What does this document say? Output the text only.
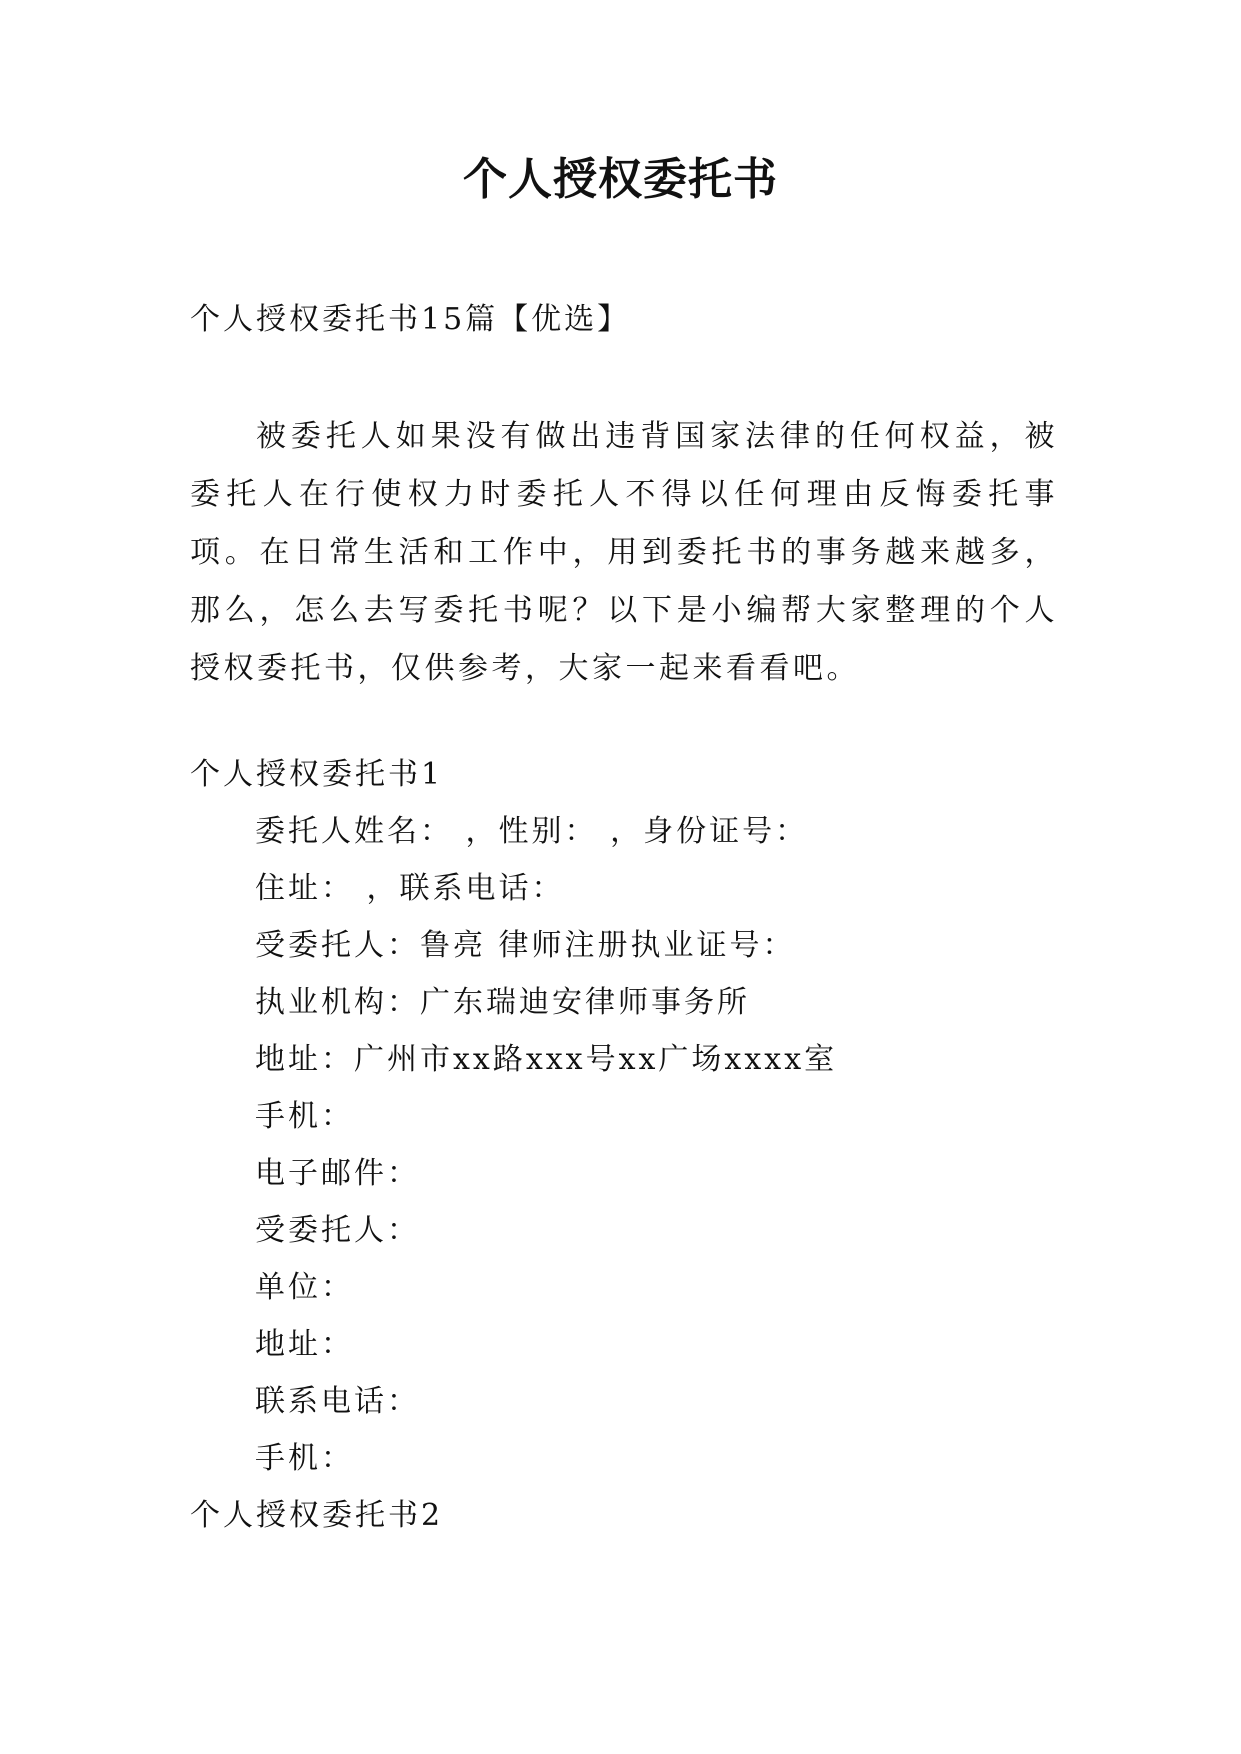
个人授权委托书
个人授权委托书15篇【优选】
被委托人如果没有做出违背国家法律的任何权益，被委托人在行使权力时委托人不得以任何理由反悔委托事项。在日常生活和工作中，用到委托书的事务越来越多，那么，怎么去写委托书呢？以下是小编帮大家整理的个人授权委托书，仅供参考，大家一起来看看吧。
个人授权委托书1
委托人姓名： ，性别： ，身份证号：
住址： ，联系电话：
受委托人：鲁亮 律师注册执业证号：
执业机构：广东瑞迪安律师事务所
地址：广州市xx路xxx号xx广场xxxx室
手机：
电子邮件：
受委托人：
单位：
地址：
联系电话：
手机：
个人授权委托书2
